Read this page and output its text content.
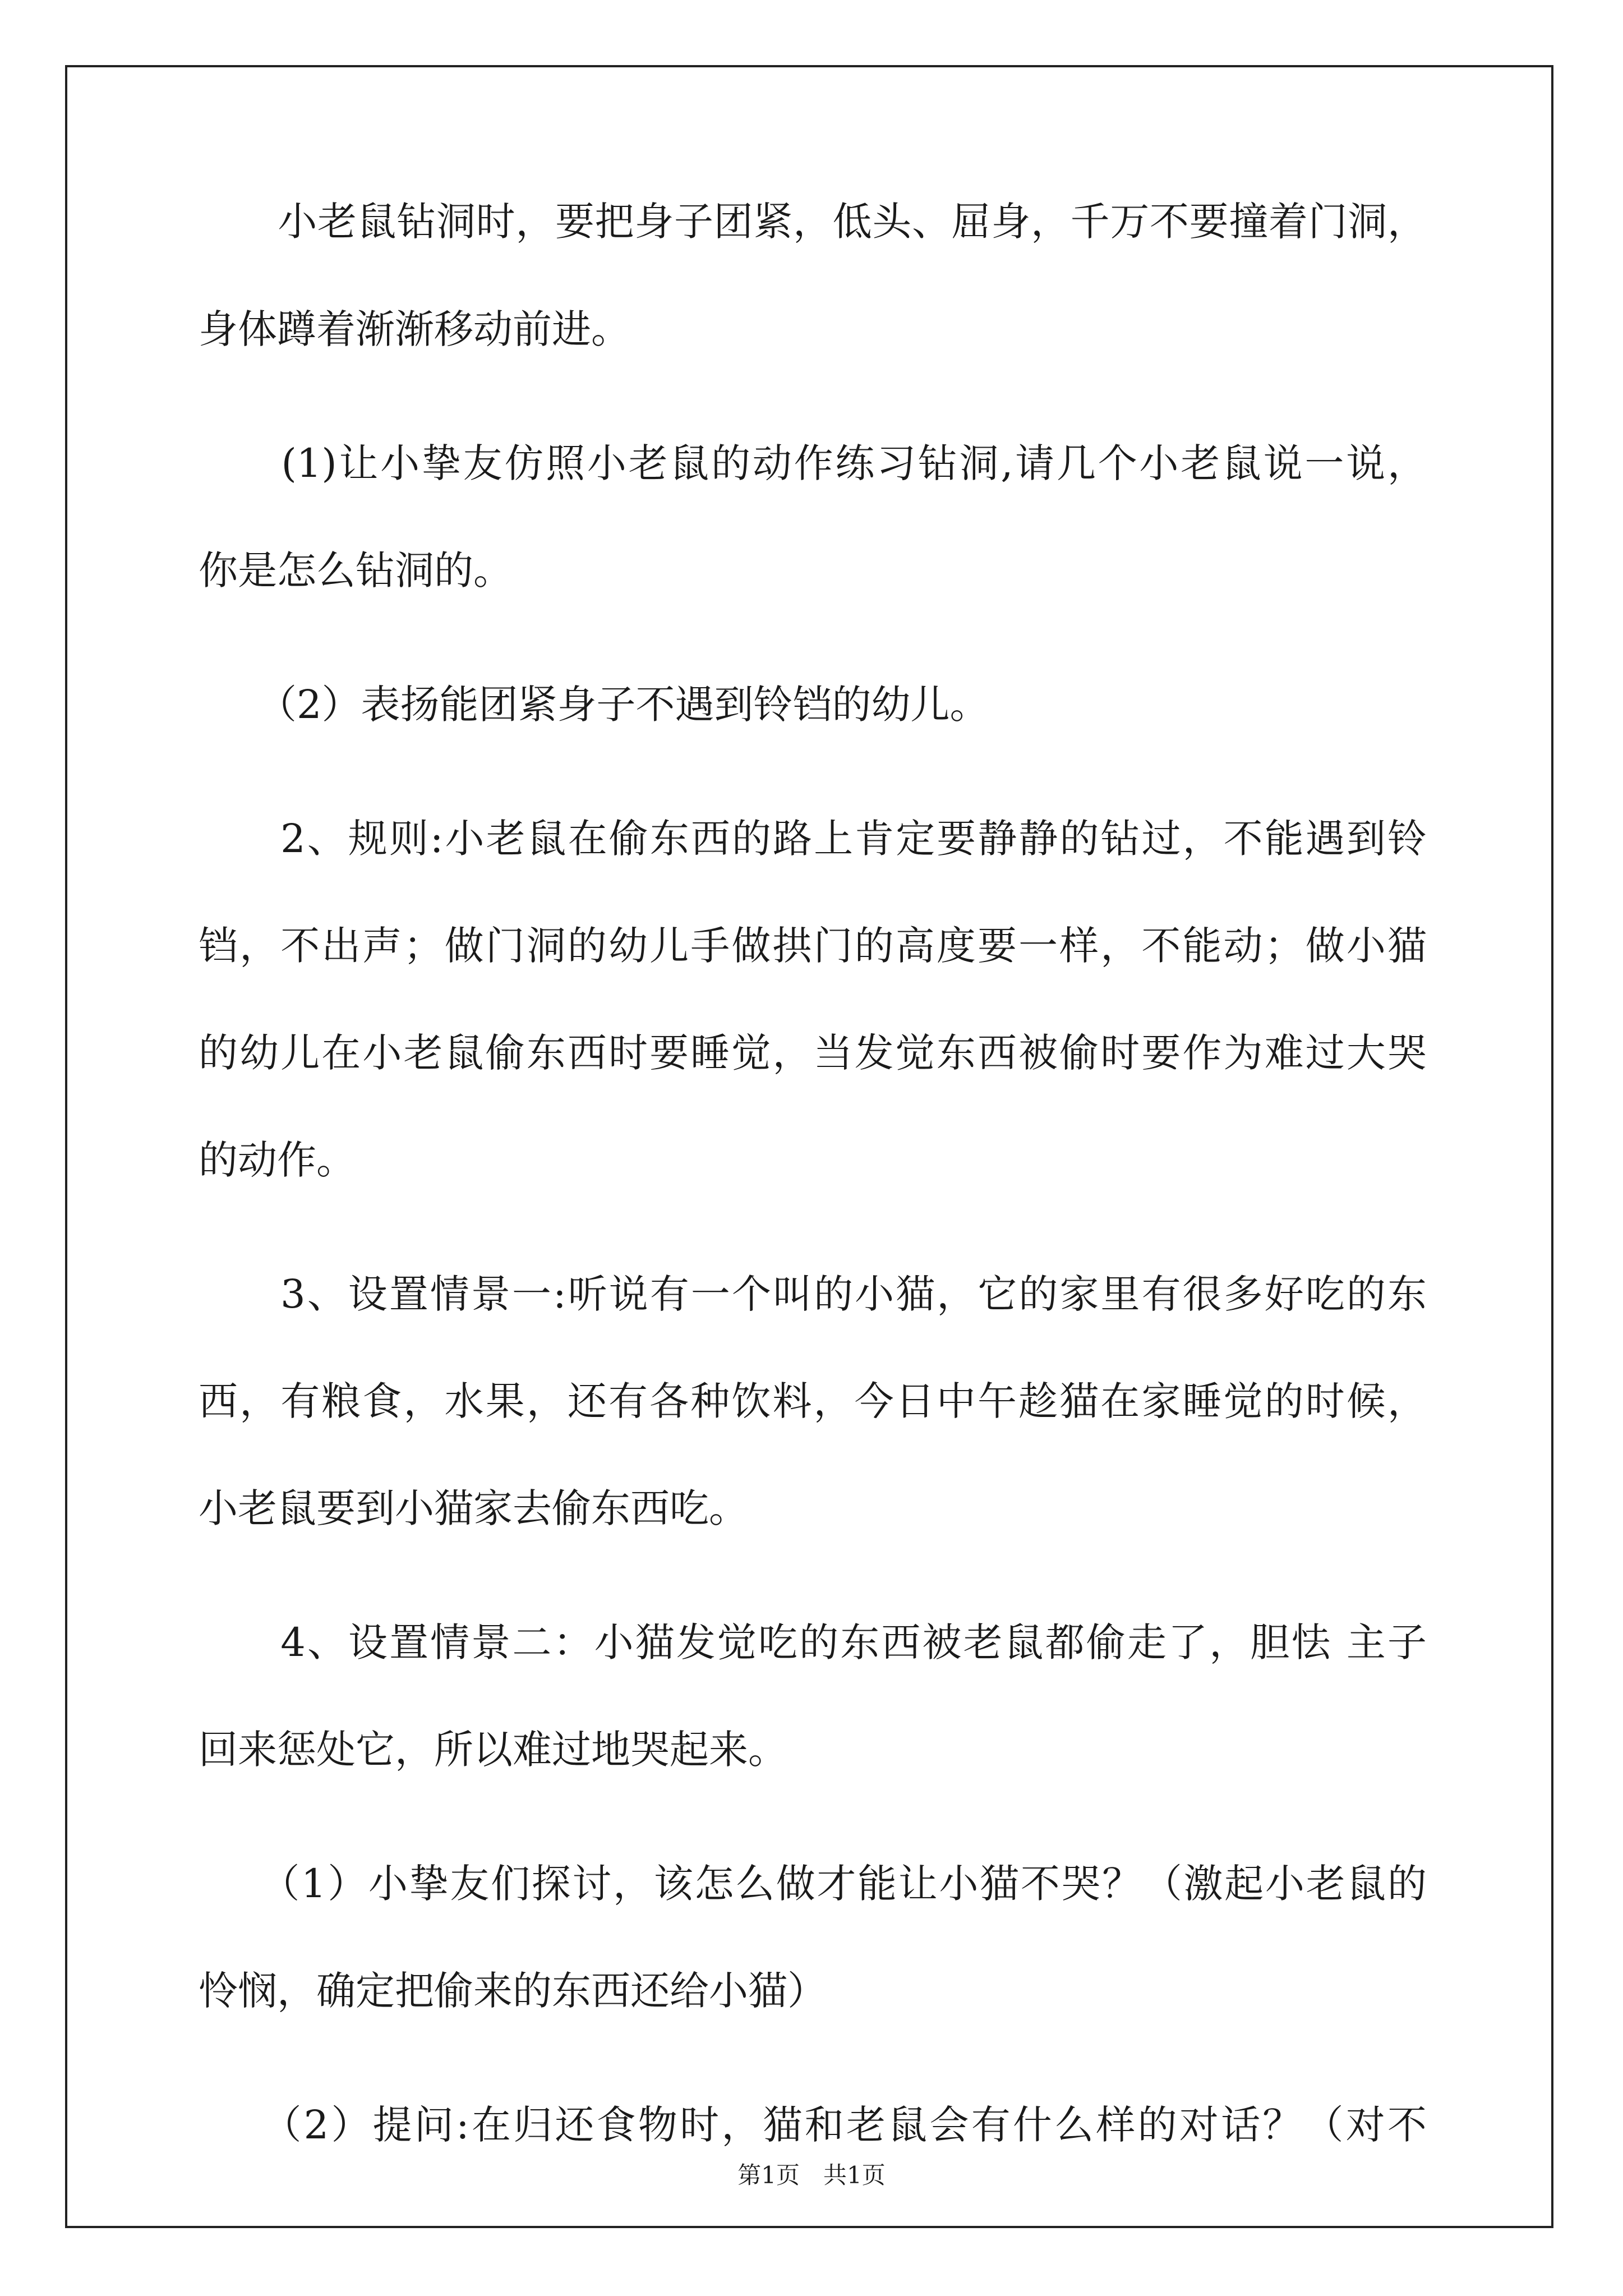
　　小老鼠钻洞时，要把身子团紧，低头、屈身，千万不要撞着门洞，
身体蹲着渐渐移动前进。
　　(1)让小挚友仿照小老鼠的动作练习钻洞,请几个小老鼠说一说，
你是怎么钻洞的。
　　（2）表扬能团紧身子不遇到铃铛的幼儿。
　　2、规则:小老鼠在偷东西的路上肯定要静静的钻过，不能遇到铃
铛，不出声；做门洞的幼儿手做拱门的高度要一样，不能动；做小猫
的幼儿在小老鼠偷东西时要睡觉，当发觉东西被偷时要作为难过大哭
的动作。
　　3、设置情景一:听说有一个叫的小猫，它的家里有很多好吃的东
西，有粮食，水果，还有各种饮料，今日中午趁猫在家睡觉的时候，
小老鼠要到小猫家去偷东西吃。
　　4、设置情景二：小猫发觉吃的东西被老鼠都偷走了，胆怯 主子
回来惩处它，所以难过地哭起来。
　　（1）小挚友们探讨，该怎么做才能让小猫不哭？（激起小老鼠的
怜悯，确定把偷来的东西还给小猫）
　　（2）提问:在归还食物时，猫和老鼠会有什么样的对话？（对不
第1页　共1页
